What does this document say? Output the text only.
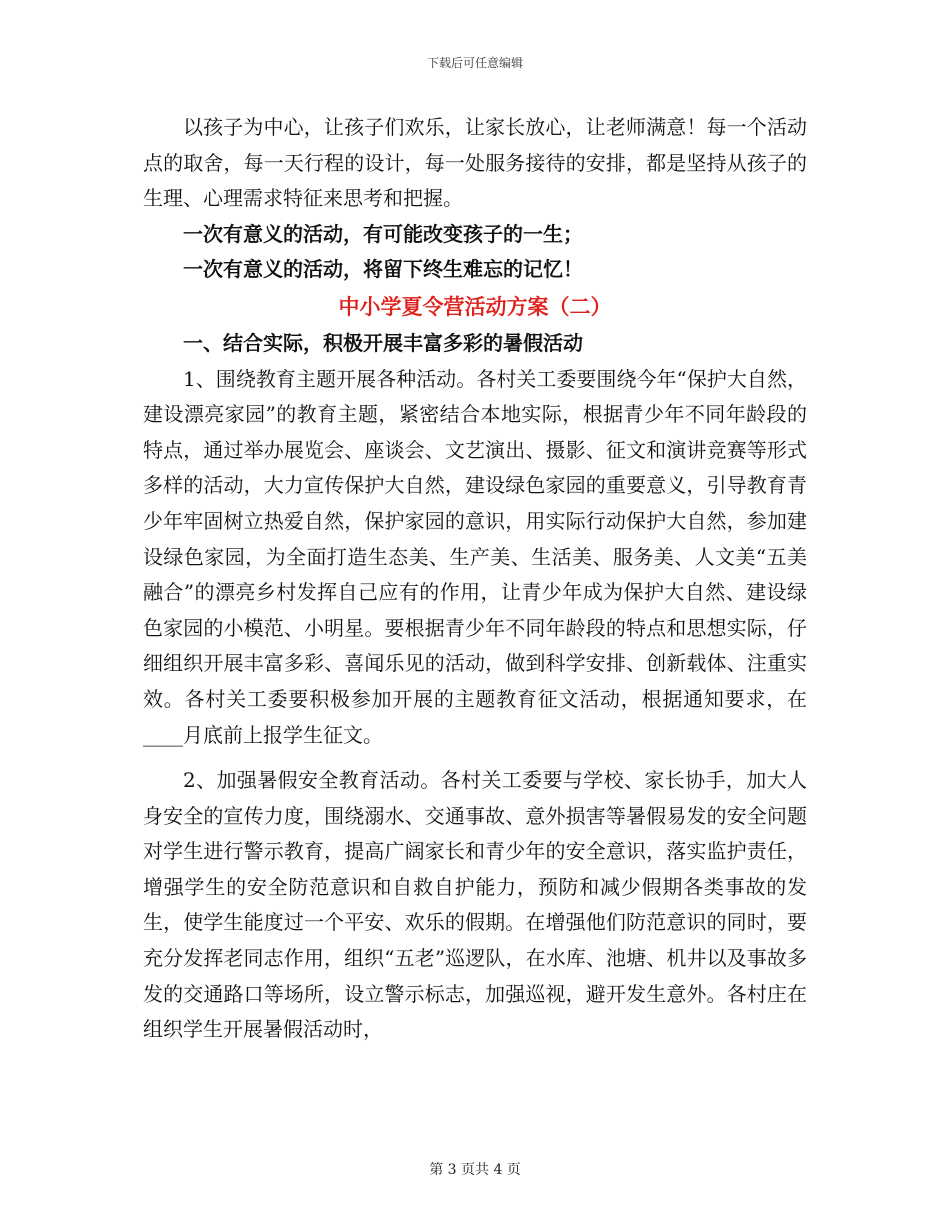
下载后可任意编辑

以孩子为中心，让孩子们欢乐，让家长放心，让老师满意！每一个活动点的取舍，每一天行程的设计，每一处服务接待的安排，都是坚持从孩子的生理、心理需求特征来思考和把握。

一次有意义的活动，有可能改变孩子的一生；

一次有意义的活动，将留下终生难忘的记忆！

中小学夏令营活动方案（二）

一、结合实际，积极开展丰富多彩的暑假活动

1、围绕教育主题开展各种活动。各村关工委要围绕今年“保护大自然，建设漂亮家园”的教育主题，紧密结合本地实际，根据青少年不同年龄段的特点，通过举办展览会、座谈会、文艺演出、摄影、征文和演讲竞赛等形式多样的活动，大力宣传保护大自然，建设绿色家园的重要意义，引导教育青少年牢固树立热爱自然，保护家园的意识，用实际行动保护大自然，参加建设绿色家园，为全面打造生态美、生产美、生活美、服务美、人文美“五美融合”的漂亮乡村发挥自己应有的作用，让青少年成为保护大自然、建设绿色家园的小模范、小明星。要根据青少年不同年龄段的特点和思想实际，仔细组织开展丰富多彩、喜闻乐见的活动，做到科学安排、创新载体、注重实效。各村关工委要积极参加开展的主题教育征文活动，根据通知要求，在____月底前上报学生征文。

2、加强暑假安全教育活动。各村关工委要与学校、家长协手，加大人身安全的宣传力度，围绕溺水、交通事故、意外损害等暑假易发的安全问题对学生进行警示教育，提高广阔家长和青少年的安全意识，落实监护责任，增强学生的安全防范意识和自救自护能力，预防和减少假期各类事故的发生，使学生能度过一个平安、欢乐的假期。在增强他们防范意识的同时，要充分发挥老同志作用，组织“五老”巡逻队，在水库、池塘、机井以及事故多发的交通路口等场所，设立警示标志，加强巡视，避开发生意外。各村庄在组织学生开展暑假活动时，

第 3 页共 4 页
